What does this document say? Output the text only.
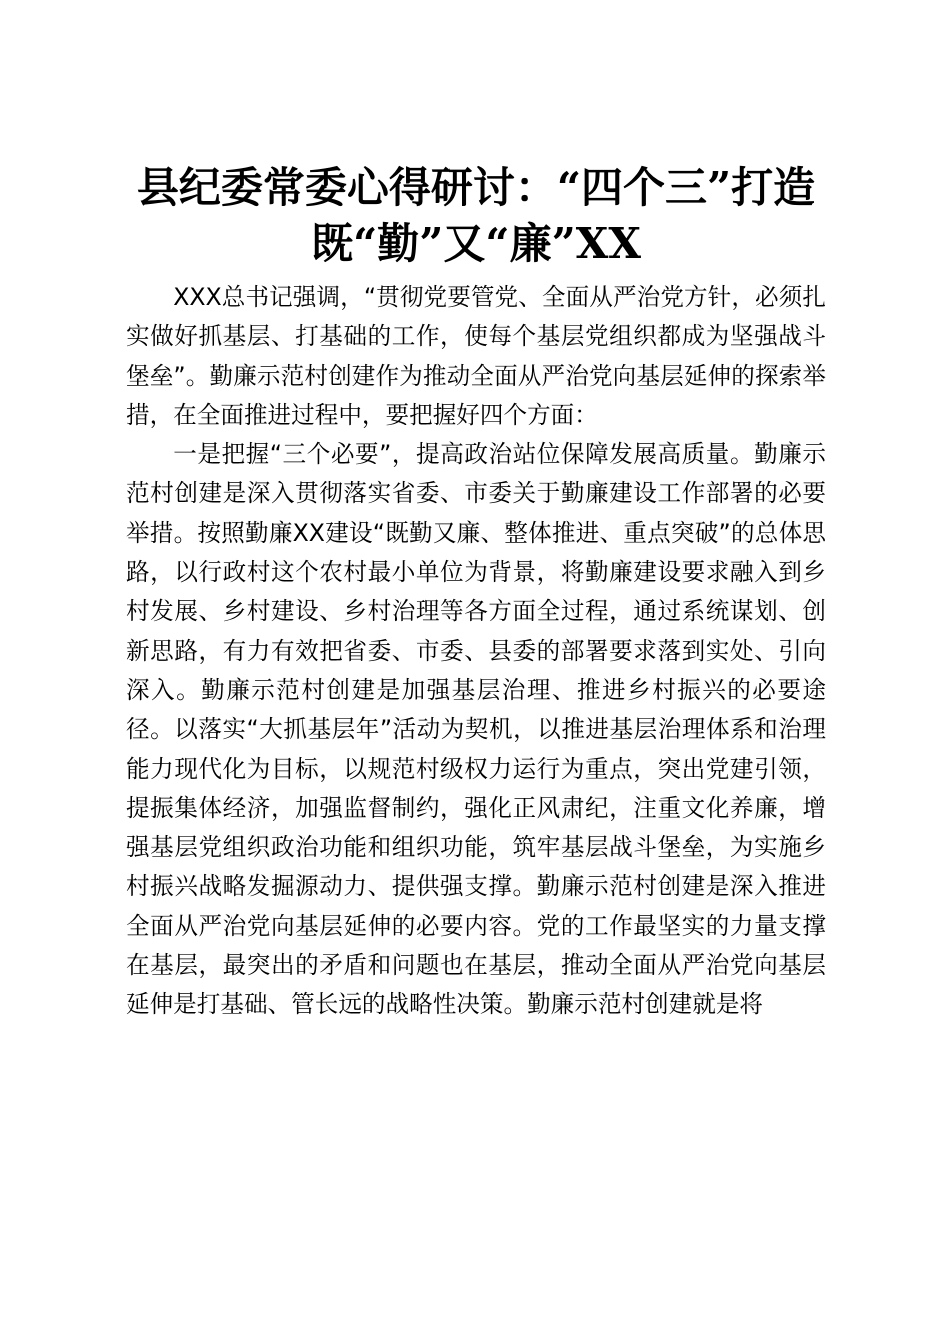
县纪委常委心得研讨：“四个三”打造
既“勤”又“廉”XX

XXX总书记强调，“贯彻党要管党、全面从严治党方针，必须扎实做好抓基层、打基础的工作，使每个基层党组织都成为坚强战斗堡垒”。勤廉示范村创建作为推动全面从严治党向基层延伸的探索举措，在全面推进过程中，要把握好四个方面：

一是把握“三个必要”，提高政治站位保障发展高质量。勤廉示范村创建是深入贯彻落实省委、市委关于勤廉建设工作部署的必要举措。按照勤廉XX建设“既勤又廉、整体推进、重点突破”的总体思路，以行政村这个农村最小单位为背景，将勤廉建设要求融入到乡村发展、乡村建设、乡村治理等各方面全过程，通过系统谋划、创新思路，有力有效把省委、市委、县委的部署要求落到实处、引向深入。勤廉示范村创建是加强基层治理、推进乡村振兴的必要途径。以落实“大抓基层年”活动为契机，以推进基层治理体系和治理能力现代化为目标，以规范村级权力运行为重点，突出党建引领，提振集体经济，加强监督制约，强化正风肃纪，注重文化养廉，增强基层党组织政治功能和组织功能，筑牢基层战斗堡垒，为实施乡村振兴战略发掘源动力、提供强支撑。勤廉示范村创建是深入推进全面从严治党向基层延伸的必要内容。党的工作最坚实的力量支撑在基层，最突出的矛盾和问题也在基层，推动全面从严治党向基层延伸是打基础、管长远的战略性决策。勤廉示范村创建就是将
